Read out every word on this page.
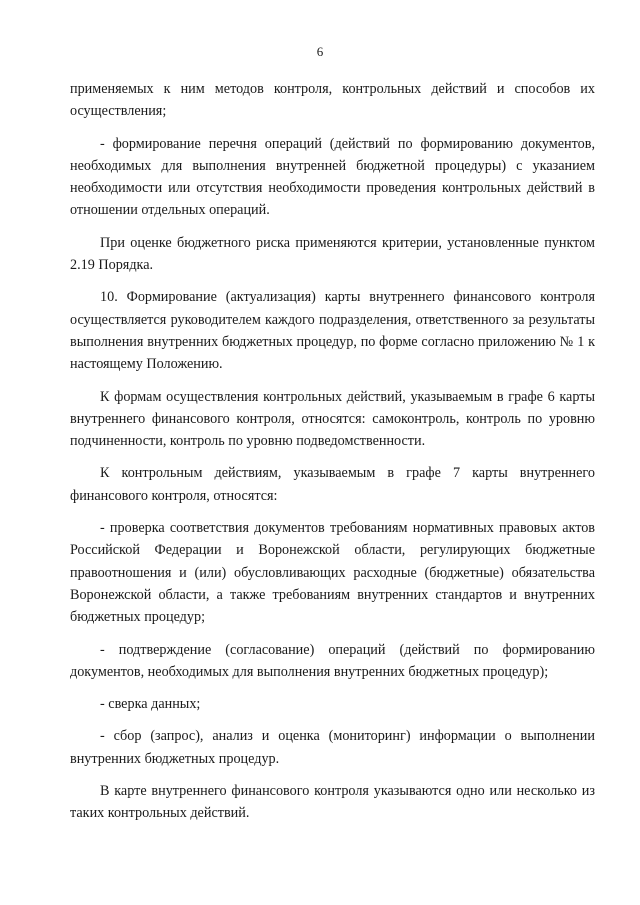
6

применяемых к ним методов контроля, контрольных действий и способов их осуществления;

- формирование перечня операций (действий по формированию документов, необходимых для выполнения внутренней бюджетной процедуры) с указанием необходимости или отсутствия необходимости проведения контрольных действий в отношении отдельных операций.

При оценке бюджетного риска применяются критерии, установленные пунктом 2.19 Порядка.

10. Формирование (актуализация) карты внутреннего финансового контроля осуществляется руководителем каждого подразделения, ответственного за результаты выполнения внутренних бюджетных процедур, по форме согласно приложению № 1 к настоящему Положению.

К формам осуществления контрольных действий, указываемым в графе 6 карты внутреннего финансового контроля, относятся: самоконтроль, контроль по уровню подчиненности, контроль по уровню подведомственности.

К контрольным действиям, указываемым в графе 7 карты внутреннего финансового контроля, относятся:

- проверка соответствия документов требованиям нормативных правовых актов Российской Федерации и Воронежской области, регулирующих бюджетные правоотношения и (или) обусловливающих расходные (бюджетные) обязательства Воронежской области, а также требованиям внутренних стандартов и внутренних бюджетных процедур;

- подтверждение (согласование) операций (действий по формированию документов, необходимых для выполнения внутренних бюджетных процедур);

- сверка данных;

- сбор (запрос), анализ и оценка (мониторинг) информации о выполнении внутренних бюджетных процедур.

В карте внутреннего финансового контроля указываются одно или несколько из таких контрольных действий.
